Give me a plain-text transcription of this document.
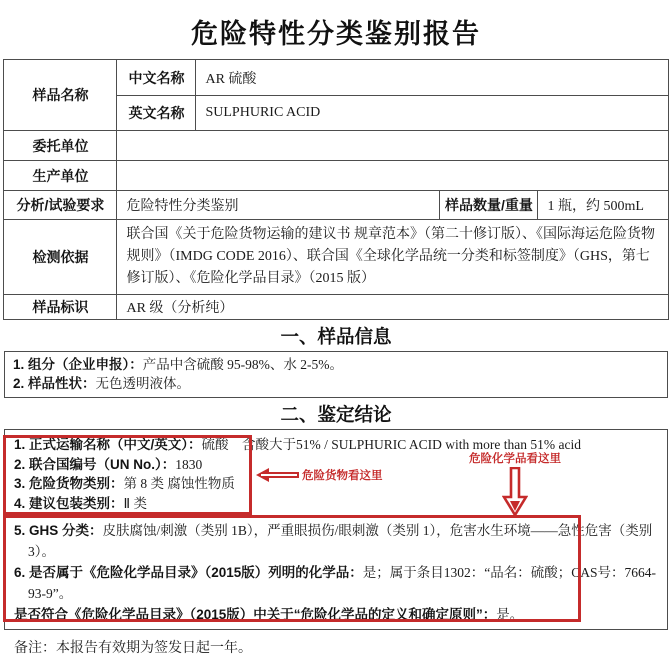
危险特性分类鉴别报告
样品名称	中文名称	AR 硫酸		
	英文名称	SULPHURIC ACID		
委托单位				
生产单位				
分析/试验要求	危险特性分类鉴别		样品数量/重量	1 瓶，约 500mL
检测依据	联合国《关于危险货物运输的建议书 规章范本》（第二十修订版）、《国际海运危险货物规则》（IMDG CODE 2016）、联合国《全球化学品统一分类和标签制度》（GHS，第七修订版）、《危险化学品目录》（2015 版）			
样品标识	AR 级（分析纯）			
一、样品信息

1. 组分（企业申报）：产品中含硫酸 95-98%、水 2-5%。

2. 样品性状：无色透明液体。

二、鉴定结论

1. 正式运输名称（中文/英文）：硫酸　含酸大于51% / SULPHURIC ACID with more than 51% acid

2. 联合国编号（UN No.）：1830

3. 危险货物类别：第 8 类 腐蚀性物质

4. 建议包装类别：Ⅱ 类

5. GHS 分类：皮肤腐蚀/刺激（类别 1B），严重眼损伤/眼刺激（类别 1），危害水生环境——急性危害（类别 3）。

6. 是否属于《危险化学品目录》（2015版）列明的化学品：是；属于条目1302：“品名：硫酸；CAS号：7664-93-9”。

是否符合《危险化学品目录》（2015版）中关于“危险化学品的定义和确定原则”：是。

危险货物看这里
危险化学品看这里

备注：本报告有效期为签发日起一年。
